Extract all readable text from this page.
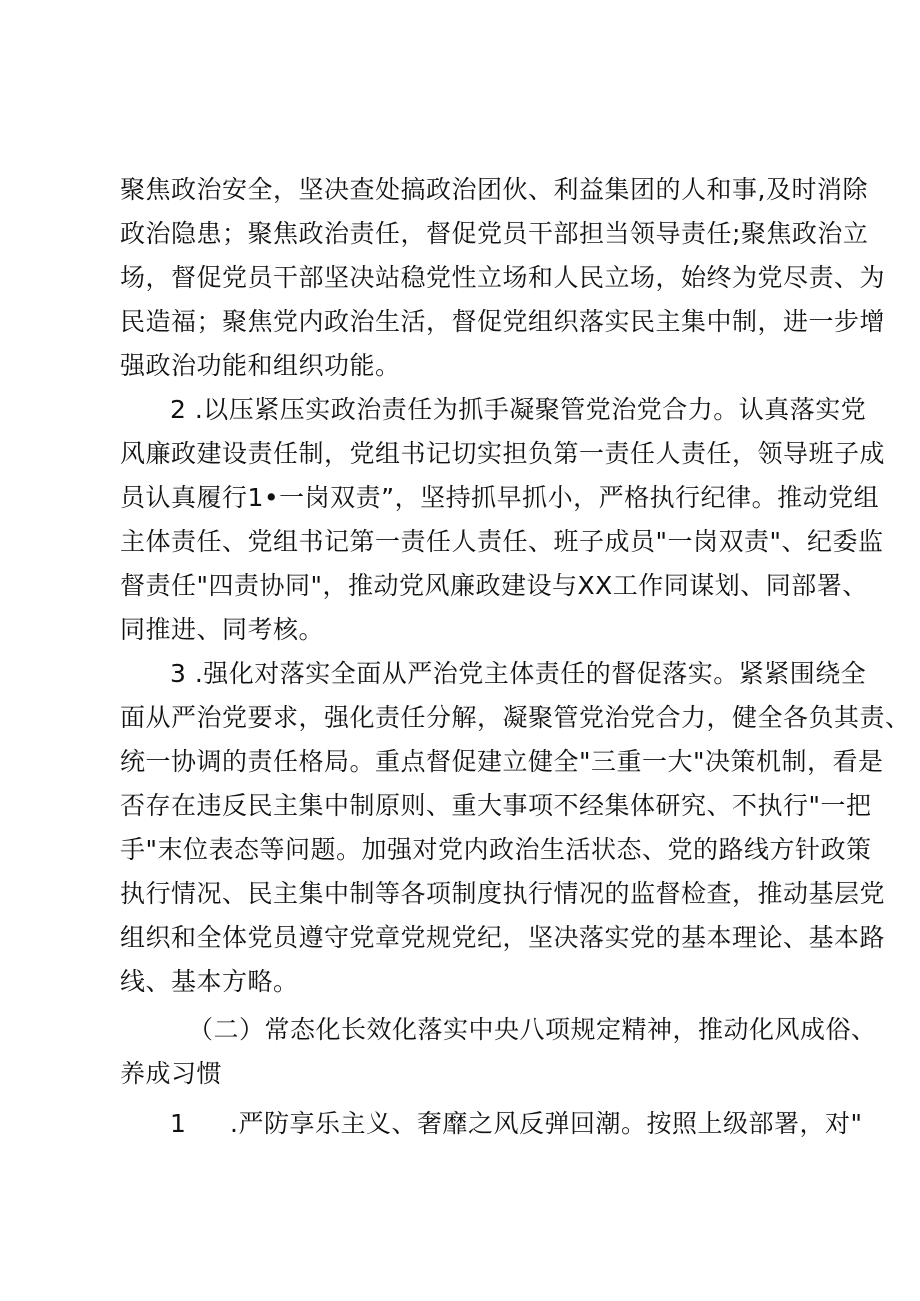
聚焦政治安全，坚决查处搞政治团伙、利益集团的人和事,及时消除
政治隐患；聚焦政治责任，督促党员干部担当领导责任;聚焦政治立
场，督促党员干部坚决站稳党性立场和人民立场，始终为党尽责、为
民造福；聚焦党内政治生活，督促党组织落实民主集中制，进一步增
强政治功能和组织功能。
2 .以压紧压实政治责任为抓手凝聚管党治党合力。认真落实党
风廉政建设责任制，党组书记切实担负第一责任人责任，领导班子成
员认真履行1•一岗双责”，坚持抓早抓小，严格执行纪律。推动党组
主体责任、党组书记第一责任人责任、班子成员"一岗双责"、纪委监
督责任"四责协同"，推动党风廉政建设与XX工作同谋划、同部署、
同推进、同考核。
3 .强化对落实全面从严治党主体责任的督促落实。紧紧围绕全
面从严治党要求，强化责任分解，凝聚管党治党合力，健全各负其责、
统一协调的责任格局。重点督促建立健全"三重一大"决策机制，看是
否存在违反民主集中制原则、重大事项不经集体研究、不执行"一把
手"末位表态等问题。加强对党内政治生活状态、党的路线方针政策
执行情况、民主集中制等各项制度执行情况的监督检查，推动基层党
组织和全体党员遵守党章党规党纪，坚决落实党的基本理论、基本路
线、基本方略。
（二）常态化长效化落实中央八项规定精神，推动化风成俗、
养成习惯
1 .严防享乐主义、奢靡之风反弹回潮。按照上级部署，对"
